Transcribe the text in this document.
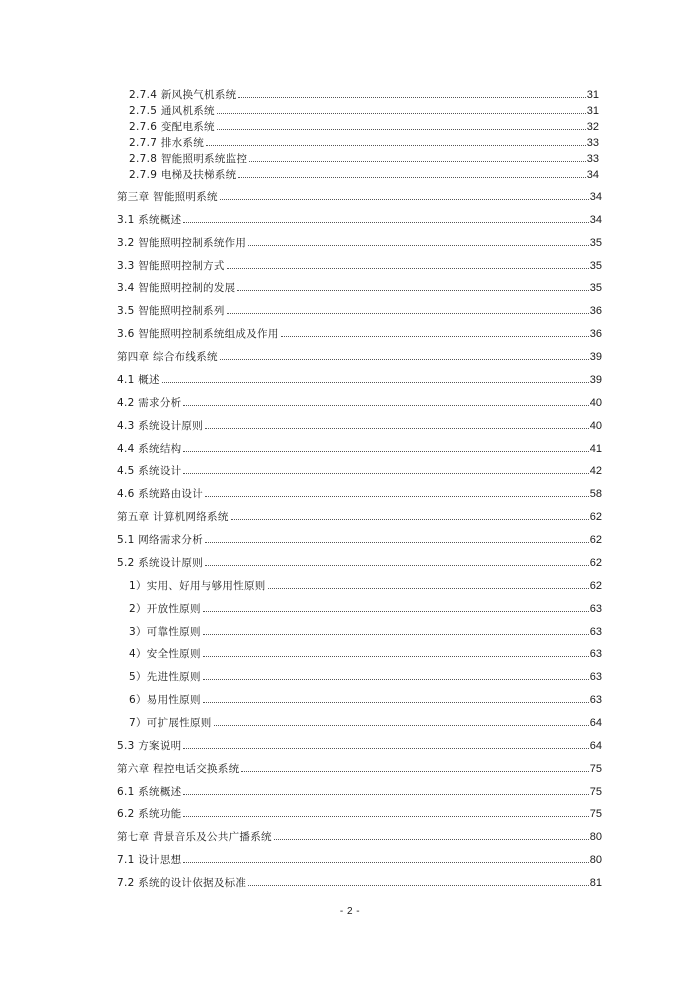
2.7.4 新风换气机系统	31
2.7.5 通风机系统	31
2.7.6 变配电系统	32
2.7.7 排水系统	33
2.7.8 智能照明系统监控	33
2.7.9 电梯及扶梯系统	34
第三章 智能照明系统	34
3.1 系统概述	34
3.2 智能照明控制系统作用	35
3.3 智能照明控制方式	35
3.4 智能照明控制的发展	35
3.5 智能照明控制系列	36
3.6 智能照明控制系统组成及作用	36
第四章 综合布线系统	39
4.1 概述	39
4.2 需求分析	40
4.3 系统设计原则	40
4.4 系统结构	41
4.5 系统设计	42
4.6 系统路由设计	58
第五章 计算机网络系统	62
5.1 网络需求分析	62
5.2 系统设计原则	62
1）实用、好用与够用性原则	62
2）开放性原则	63
3）可靠性原则	63
4）安全性原则	63
5）先进性原则	63
6）易用性原则	63
7）可扩展性原则	64
5.3 方案说明	64
第六章 程控电话交换系统	75
6.1 系统概述	75
6.2 系统功能	75
第七章 背景音乐及公共广播系统	80
7.1 设计思想	80
7.2 系统的设计依据及标准	81
- 2 -
